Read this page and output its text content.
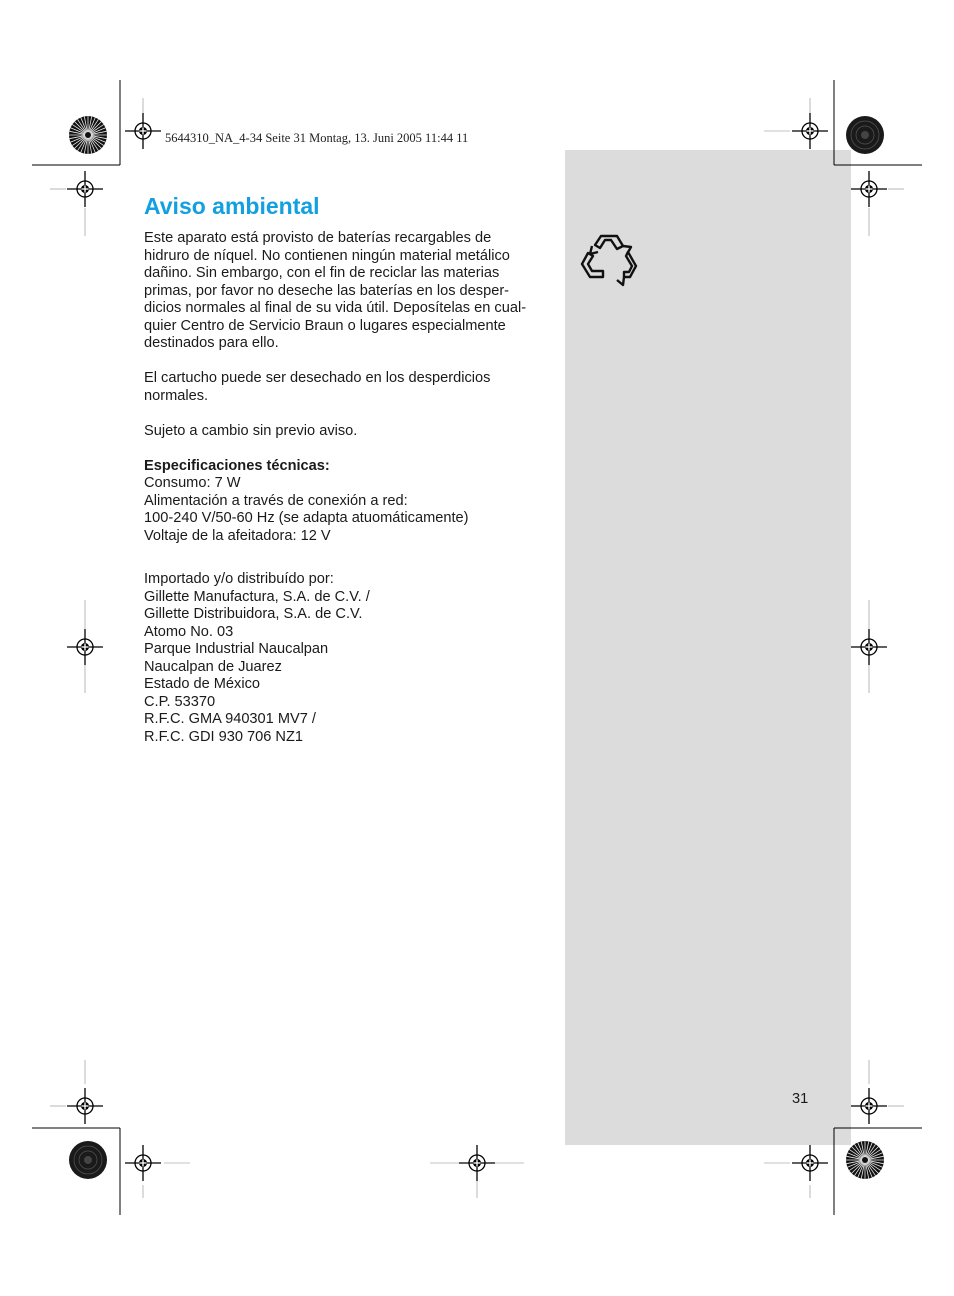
5644310_NA_4-34 Seite 31 Montag, 13. Juni 2005 11:44 11
Aviso ambiental

Este aparato está provisto de baterías recargables de

hidruro de níquel. No contienen ningún material metálico

dañino. Sin embargo, con el fin de reciclar las materias

primas, por favor no deseche las baterías en los desper-

dicios normales al final de su vida útil. Deposítelas en cual-

quier Centro de Servicio Braun o lugares especialmente

destinados para ello.

El cartucho puede ser desechado en los desperdicios

normales.

Sujeto a cambio sin previo aviso.

Especificaciones técnicas:

Consumo: 7 W

Alimentación a través de conexión a red:

100-240 V/50-60 Hz (se adapta atuomáticamente)

Voltaje de la afeitadora: 12 V

Importado y/o distribuído por:

Gillette Manufactura, S.A. de C.V. /

Gillette Distribuidora, S.A. de C.V.

Atomo No. 03

Parque Industrial Naucalpan

Naucalpan de Juarez

Estado de México

C.P. 53370

R.F.C. GMA 940301 MV7 /

R.F.C. GDI 930 706 NZ1

31
